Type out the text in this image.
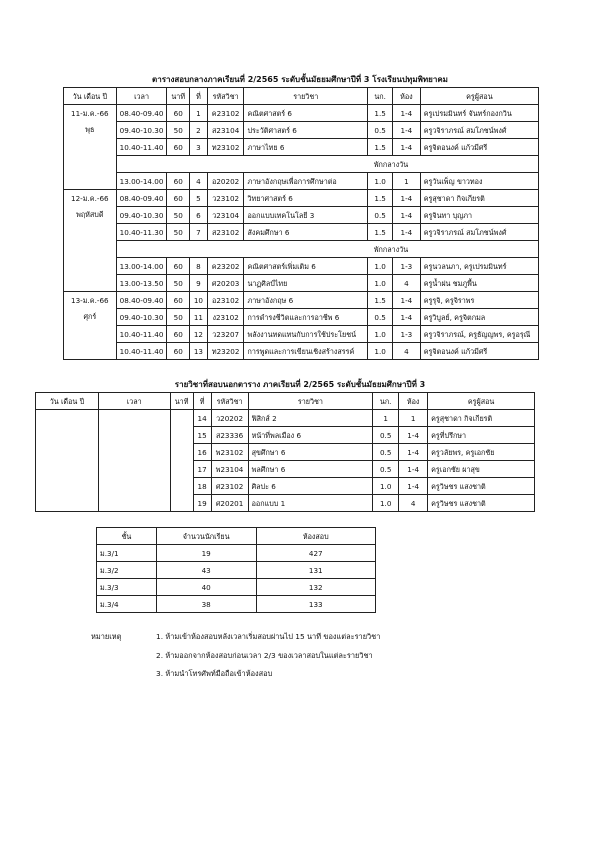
ตารางสอบกลางภาคเรียนที่ 2/2565 ระดับชั้นมัธยมศึกษาปีที่ 3 โรงเรียนปทุมพิทยาคม
วัน เดือน ปี	เวลา	นาที	ที่	รหัสวิชา	รายวิชา	นก.	ห้อง	ครูผู้สอน
11-ม.ค.-66
พุธ	08.40-09.40	60	1	ค23102	คณิตศาสตร์ 6	1.5	1-4	ครูเปรมมินทร์ จันทร์กองกวิน
	09.40-10.30	50	2	ส23104	ประวัติศาสตร์ 6	0.5	1-4	ครูวจิราภรณ์ สมโภชน์พงศ์
	10.40-11.40	60	3	ท23102	ภาษาไทย 6	1.5	1-4	ครูจิตอนงค์ แก้วมีศรี
					พักกลางวัน			
	13.00-14.00	60	4	อ20202	ภาษาอังกฤษเพื่อการศึกษาต่อ	1.0	1	ครูวันเพ็ญ ขาวทอง
12-ม.ค.-66
พฤหัสบดี	08.40-09.40	60	5	ว23102	วิทยาศาสตร์ 6	1.5	1-4	ครูสุชาดา กิจเกียรติ
	09.40-10.30	50	6	ว23104	ออกแบบเทคโนโลยี 3	0.5	1-4	ครูจินทา บุญภา
	10.40-11.30	50	7	ส23102	สังคมศึกษา 6	1.5	1-4	ครูวจิราภรณ์ สมโภชน์พงศ์
					พักกลางวัน			
	13.00-14.00	60	8	ค23202	คณิตศาสตร์เพิ่มเติม 6	1.0	1-3	ครูนวลนภา, ครูเปรมมินทร์
	13.00-13.50	50	9	ศ20203	นาฏศิลป์ไทย	1.0	4	ครูน้ำฝน ชมภูพื้น
13-ม.ค.-66
ศุกร์	08.40-09.40	60	10	อ23102	ภาษาอังกฤษ 6	1.5	1-4	ครูรุจิ, ครูจิราพร
	09.40-10.30	50	11	ง23102	การดำรงชีวิตและการอาชีพ 6	0.5	1-4	ครูวิบูลย์, ครูจิตกมล
	10.40-11.40	60	12	ว23207	พลังงานทดแทนกับการใช้ประโยชน์	1.0	1-3	ครูวจิราภรณ์, ครูธัญญพร, ครูอรุณี
	10.40-11.40	60	13	ท23202	การพูดและการเขียนเชิงสร้างสรรค์	1.0	4	ครูจิตอนงค์ แก้วมีศรี
รายวิชาที่สอบนอกตาราง ภาคเรียนที่ 2/2565 ระดับชั้นมัธยมศึกษาปีที่ 3
วัน เดือน ปี	เวลา	นาที	ที่	รหัสวิชา	รายวิชา	นก.	ห้อง	ครูผู้สอน
			14	ว20202	ฟิสิกส์ 2	1	1	ครูสุชาดา กิจเกียรติ
			15	ส23336	หน้าที่พลเมือง 6	0.5	1-4	ครูที่ปรึกษา
			16	พ23102	สุขศึกษา 6	0.5	1-4	ครูวลัยพร, ครูเอกชัย
			17	พ23104	พลศึกษา 6	0.5	1-4	ครูเอกชัย ผาสุข
			18	ศ23102	ศิลปะ 6	1.0	1-4	ครูวิษชร แสงชาติ
			19	ศ20201	ออกแบบ 1	1.0	4	ครูวิษชร แสงชาติ
ชั้น	จำนวนนักเรียน	ห้องสอบ
ม.3/1	19	427
ม.3/2	43	131
ม.3/3	40	132
ม.3/4	38	133
หมายเหตุ	1. ห้ามเข้าห้องสอบหลังเวลาเริ่มสอบผ่านไป 15 นาที ของแต่ละรายวิชา
2. ห้ามออกจากห้องสอบก่อนเวลา 2/3 ของเวลาสอบในแต่ละรายวิชา
3. ห้ามนำโทรศัพท์มือถือเข้าห้องสอบ
